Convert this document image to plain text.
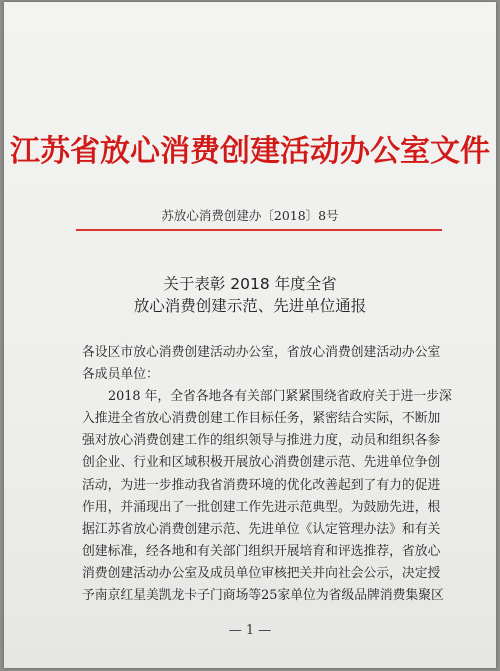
江苏省放心消费创建活动办公室文件
苏放心消费创建办〔2018〕8号
关于表彰 2018 年度全省
放心消费创建示范、先进单位通报
各设区市放心消费创建活动办公室，省放心消费创建活动办公室
各成员单位：
2018 年，全省各地各有关部门紧紧围绕省政府关于进一步深
入推进全省放心消费创建工作目标任务，紧密结合实际，不断加
强对放心消费创建工作的组织领导与推进力度，动员和组织各参
创企业、行业和区域积极开展放心消费创建示范、先进单位争创
活动，为进一步推动我省消费环境的优化改善起到了有力的促进
作用，并涌现出了一批创建工作先进示范典型。为鼓励先进，根
据江苏省放心消费创建示范、先进单位《认定管理办法》和有关
创建标准，经各地和有关部门组织开展培育和评选推荐，省放心
消费创建活动办公室及成员单位审核把关并向社会公示，决定授
予南京红星美凯龙卡子门商场等25家单位为省级品牌消费集聚区
— 1 —
